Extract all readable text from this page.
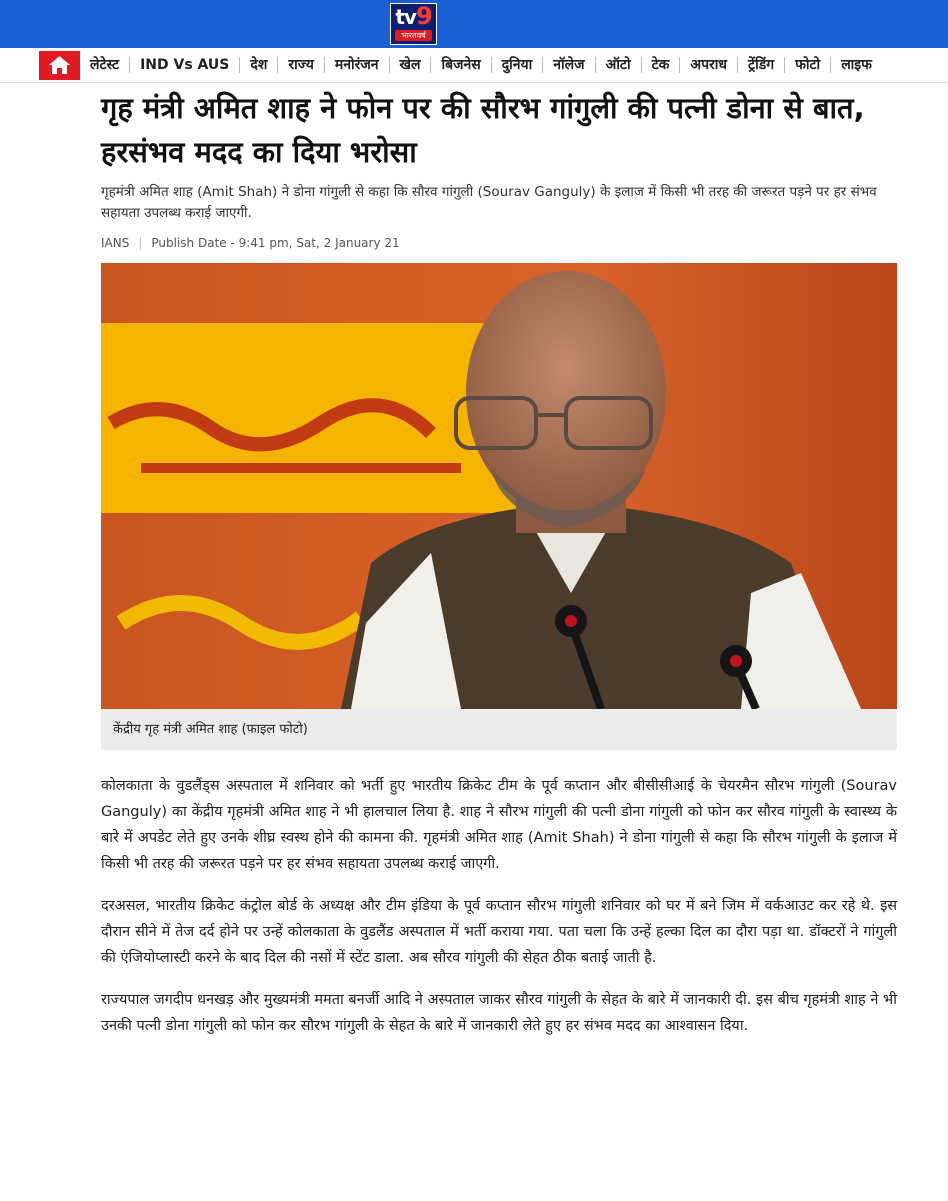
tv9
भारतवर्ष
लेटेस्ट	IND Vs AUS	देश	राज्य	मनोरंजन	खेल	बिजनेस	दुनिया	नॉलेज	ऑटो	टेक	अपराध	ट्रेंडिंग	फोटो	लाइफ
गृह मंत्री अमित शाह ने फोन पर की सौरभ गांगुली की पत्नी डोना से बात, हरसंभव मदद का दिया भरोसा

गृहमंत्री अमित शाह (Amit Shah) ने डोना गांगुली से कहा कि सौरव गांगुली (Sourav Ganguly) के इलाज में किसी भी तरह की जरूरत पड़ने पर हर संभव सहायता उपलब्ध कराई जाएगी.

IANS | Publish Date - 9:41 pm, Sat, 2 January 21
केंद्रीय गृह मंत्री अमित शाह (फाइल फोटो)

कोलकाता के वुडलैंड्स अस्पताल में शनिवार को भर्ती हुए भारतीय क्रिकेट टीम के पूर्व कप्तान और बीसीसीआई के चेयरमैन सौरभ गांगुली (Sourav Ganguly) का केंद्रीय गृहमंत्री अमित शाह ने भी हालचाल लिया है. शाह ने सौरभ गांगुली की पत्नी डोना गांगुली को फोन कर सौरव गांगुली के स्वास्थ्य के बारे में अपडेट लेते हुए उनके शीघ्र स्वस्थ होने की कामना की. गृहमंत्री अमित शाह (Amit Shah) ने डोना गांगुली से कहा कि सौरभ गांगुली के इलाज में किसी भी तरह की जरूरत पड़ने पर हर संभव सहायता उपलब्ध कराई जाएगी.

दरअसल, भारतीय क्रिकेट कंट्रोल बोर्ड के अध्यक्ष और टीम इंडिया के पूर्व कप्तान सौरभ गांगुली शनिवार को घर में बने जिम में वर्कआउट कर रहे थे. इस दौरान सीने में तेज दर्द होने पर उन्हें कोलकाता के वुडलैंड अस्पताल में भर्ती कराया गया. पता चला कि उन्हें हल्का दिल का दौरा पड़ा था. डॉक्टरों ने गांगुली की एंजियोप्लास्टी करने के बाद दिल की नसों में स्टेंट डाला. अब सौरव गांगुली की सेहत ठीक बताई जाती है.

राज्यपाल जगदीप धनखड़ और मुख्यमंत्री ममता बनर्जी आदि ने अस्पताल जाकर सौरव गांगुली के सेहत के बारे में जानकारी दी. इस बीच गृहमंत्री शाह ने भी उनकी पत्नी डोना गांगुली को फोन कर सौरभ गांगुली के सेहत के बारे में जानकारी लेते हुए हर संभव मदद का आश्वासन दिया.
